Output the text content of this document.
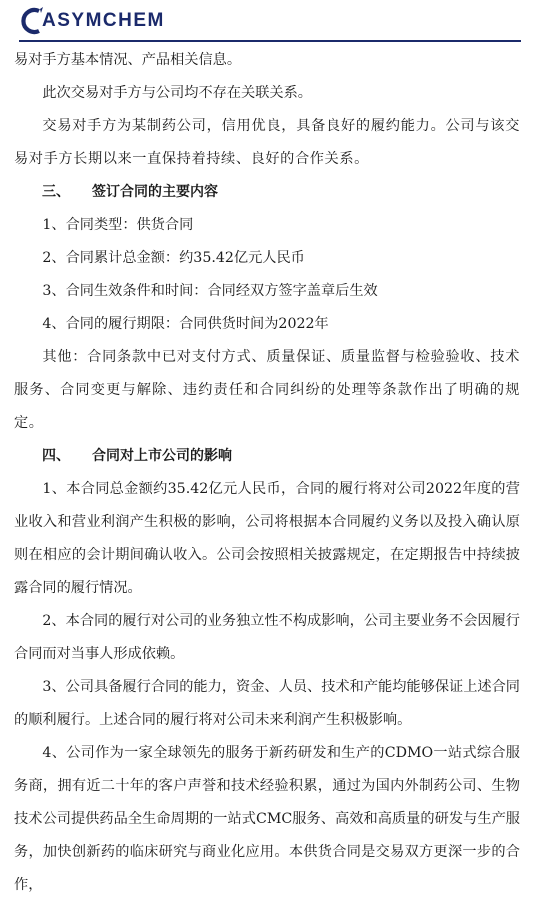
ASYMCHEM

易对手方基本情况、产品相关信息。

此次交易对手方与公司均不存在关联关系。

交易对手方为某制药公司，信用优良，具备良好的履约能力。公司与该交易对手方长期以来一直保持着持续、良好的合作关系。

三、 签订合同的主要内容

1、合同类型：供货合同

2、合同累计总金额：约35.42亿元人民币

3、合同生效条件和时间：合同经双方签字盖章后生效

4、合同的履行期限：合同供货时间为2022年

其他：合同条款中已对支付方式、质量保证、质量监督与检验验收、技术服务、合同变更与解除、违约责任和合同纠纷的处理等条款作出了明确的规定。

四、 合同对上市公司的影响

1、本合同总金额约35.42亿元人民币，合同的履行将对公司2022年度的营业收入和营业利润产生积极的影响，公司将根据本合同履约义务以及投入确认原则在相应的会计期间确认收入。公司会按照相关披露规定，在定期报告中持续披露合同的履行情况。

2、本合同的履行对公司的业务独立性不构成影响，公司主要业务不会因履行合同而对当事人形成依赖。

3、公司具备履行合同的能力，资金、人员、技术和产能均能够保证上述合同的顺利履行。上述合同的履行将对公司未来利润产生积极影响。

4、公司作为一家全球领先的服务于新药研发和生产的CDMO一站式综合服务商，拥有近二十年的客户声誉和技术经验积累，通过为国内外制药公司、生物技术公司提供药品全生命周期的一站式CMC服务、高效和高质量的研发与生产服务，加快创新药的临床研究与商业化应用。本供货合同是交易双方更深一步的合作，
